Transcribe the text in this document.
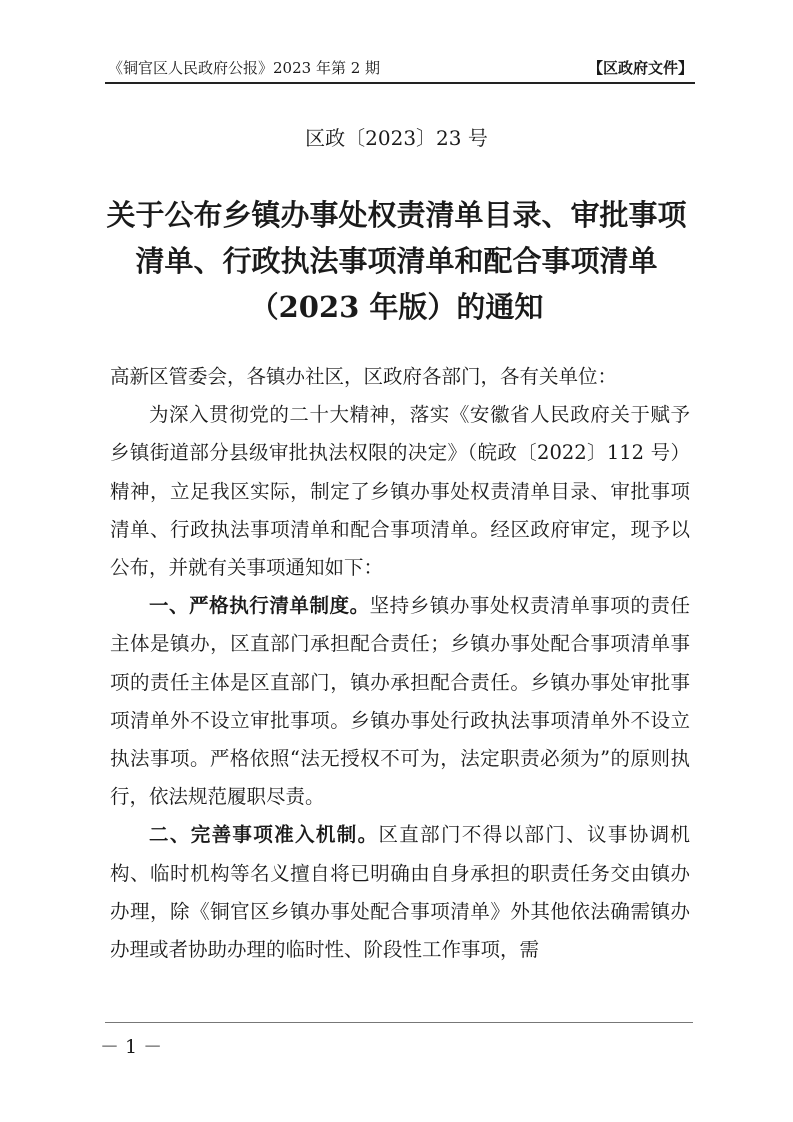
《铜官区人民政府公报》2023 年第 2 期	【区政府文件】
区政〔2023〕23 号
关于公布乡镇办事处权责清单目录、审批事项
清单、行政执法事项清单和配合事项清单
（2023 年版）的通知

高新区管委会，各镇办社区，区政府各部门，各有关单位：

为深入贯彻党的二十大精神，落实《安徽省人民政府关于赋予乡镇街道部分县级审批执法权限的决定》（皖政〔2022〕112 号）精神，立足我区实际，制定了乡镇办事处权责清单目录、审批事项清单、行政执法事项清单和配合事项清单。经区政府审定，现予以公布，并就有关事项通知如下：

一、严格执行清单制度。坚持乡镇办事处权责清单事项的责任主体是镇办，区直部门承担配合责任；乡镇办事处配合事项清单事项的责任主体是区直部门，镇办承担配合责任。乡镇办事处审批事项清单外不设立审批事项。乡镇办事处行政执法事项清单外不设立执法事项。严格依照“法无授权不可为，法定职责必须为”的原则执行，依法规范履职尽责。

二、完善事项准入机制。区直部门不得以部门、议事协调机构、临时机构等名义擅自将已明确由自身承担的职责任务交由镇办办理，除《铜官区乡镇办事处配合事项清单》外其他依法确需镇办办理或者协助办理的临时性、阶段性工作事项，需

－ 1 －
